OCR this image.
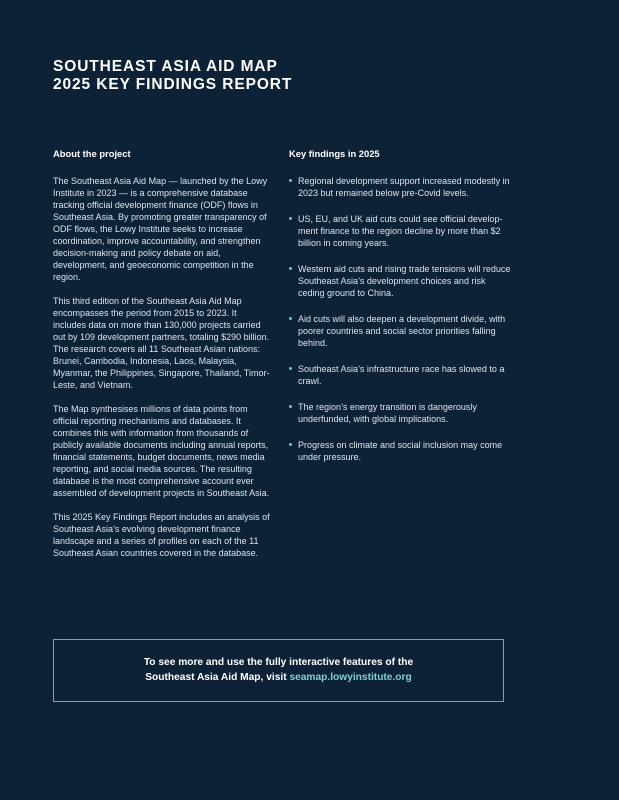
SOUTHEAST ASIA AID MAP
2025 KEY FINDINGS REPORT
About the project

The Southeast Asia Aid Map — launched by the Lowy Institute in 2023 — is a comprehensive database tracking official development finance (ODF) flows in Southeast Asia. By promoting greater transparency of ODF flows, the Lowy Institute seeks to increase coordination, improve accountability, and strengthen decision-making and policy debate on aid, development, and geoeconomic competition in the region.

This third edition of the Southeast Asia Aid Map encompasses the period from 2015 to 2023. It includes data on more than 130,000 projects carried out by 109 development partners, totaling $290 billion. The research covers all 11 Southeast Asian nations: Brunei, Cambodia, Indonesia, Laos, Malaysia, Myanmar, the Philippines, Singapore, Thailand, Timor-Leste, and Vietnam.

The Map synthesises millions of data points from official reporting mechanisms and databases. It combines this with information from thousands of publicly available documents including annual reports, financial statements, budget documents, news media reporting, and social media sources. The resulting database is the most comprehensive account ever assembled of development projects in Southeast Asia.

This 2025 Key Findings Report includes an analysis of Southeast Asia’s evolving development finance landscape and a series of profiles on each of the 11 Southeast Asian countries covered in the database.

Key findings in 2025
Regional development support increased modestly in 2023 but remained below pre-Covid levels.
US, EU, and UK aid cuts could see official development finance to the region decline by more than $2 billion in coming years.
Western aid cuts and rising trade tensions will reduce Southeast Asia’s development choices and risk ceding ground to China.
Aid cuts will also deepen a development divide, with poorer countries and social sector priorities falling behind.
Southeast Asia’s infrastructure race has slowed to a crawl.
The region’s energy transition is dangerously underfunded, with global implications.
Progress on climate and social inclusion may come under pressure.

To see more and use the fully interactive features of the
Southeast Asia Aid Map, visit seamap.lowyinstitute.org
